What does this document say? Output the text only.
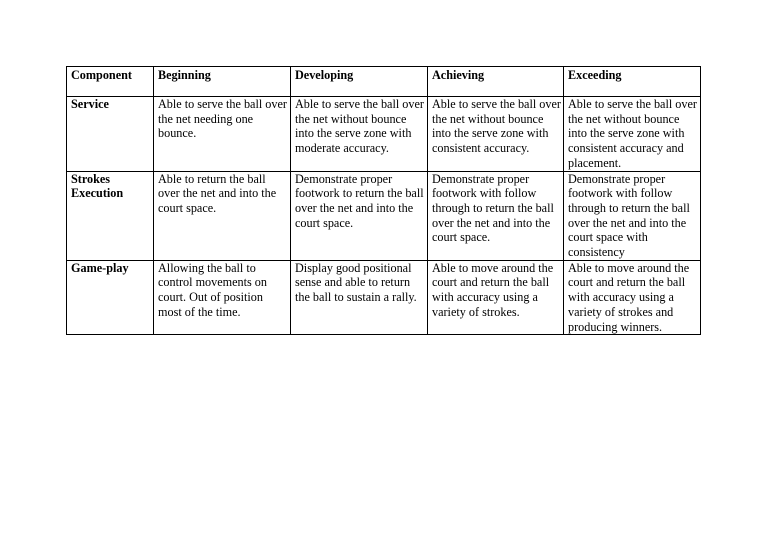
Component	Beginning	Developing	Achieving	Exceeding
Service	Able to serve the ball over the net needing one bounce.	Able to serve the ball over the net without bounce into the serve zone with moderate accuracy.	Able to serve the ball over the net without bounce into the serve zone with consistent accuracy.	Able to serve the ball over the net without bounce into the serve zone with consistent accuracy and placement.
Strokes Execution	Able to return the ball over the net and into the court space.	Demonstrate proper footwork to return the ball over the net and into the court space.	Demonstrate proper footwork with follow through to return the ball over the net and into the court space.	Demonstrate proper footwork with follow through to return the ball over the net and into the court space with consistency
Game-play	Allowing the ball to control movements on court. Out of position most of the time.	Display good positional sense and able to return the ball to sustain a rally.	Able to move around the court and return the ball with accuracy using a variety of strokes.	Able to move around the court and return the ball with accuracy using a variety of strokes and producing winners.
